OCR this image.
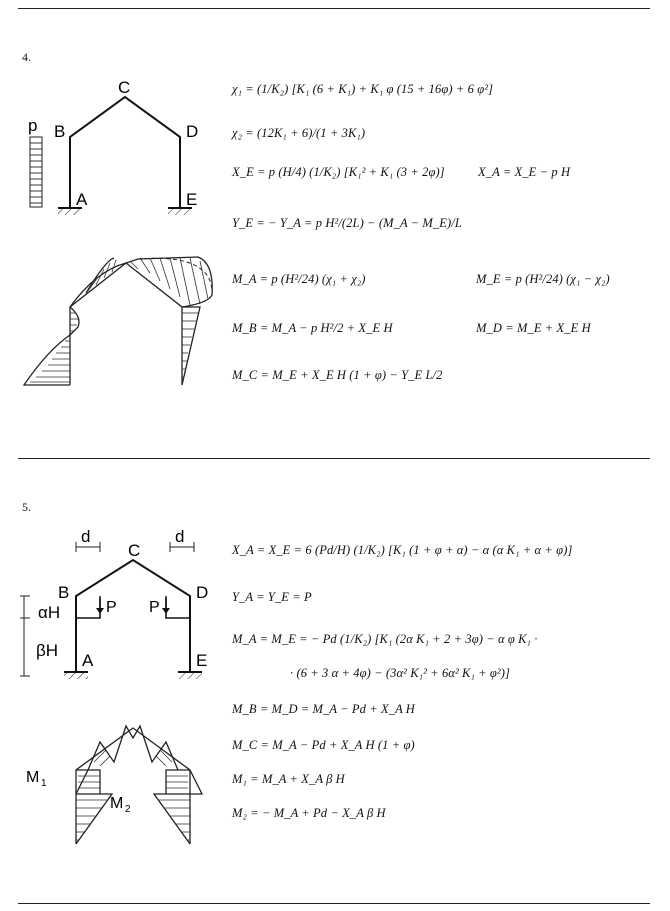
4.
p B
C
D
A	E
χ₁ = (1/K₂) [K₁ (6 + K₁) + K₁ φ (15 + 16φ) + 6 φ²]
χ₂ = (12K₁ + 6)/(1 + 3K₁)
X_E = p (H/4) (1/K₂) [K₁² + K₁ (3 + 2φ)]	X_A = X_E − p H
Y_E = − Y_A = p H²/(2L) − (M_A − M_E)/L
M_A = p (H²/24) (χ₁ + χ₂)	M_E = p (H²/24) (χ₁ − χ₂)
M_B = M_A − p H²/2 + X_E H	M_D = M_E + X_E H
M_C = M_E + X_E H (1 + φ) − Y_E L/2
5.
d	d
P P
C
B	D
A	E
αH
βH
M 1
M 2
X_A = X_E = 6 (Pd/H) (1/K₂) [K₁ (1 + φ + α) − α (α K₁ + α + φ)]
Y_A = Y_E = P
M_A = M_E = − Pd (1/K₂) [K₁ (2α K₁ + 2 + 3φ) − α φ K₁ ·
· (6 + 3 α + 4φ) − (3α² K₁² + 6α² K₁ + φ²)]
M_B = M_D = M_A − Pd + X_A H
M_C = M_A − Pd + X_A H (1 + φ)
M₁ = M_A + X_A β H
M₂ = − M_A + Pd − X_A β H
